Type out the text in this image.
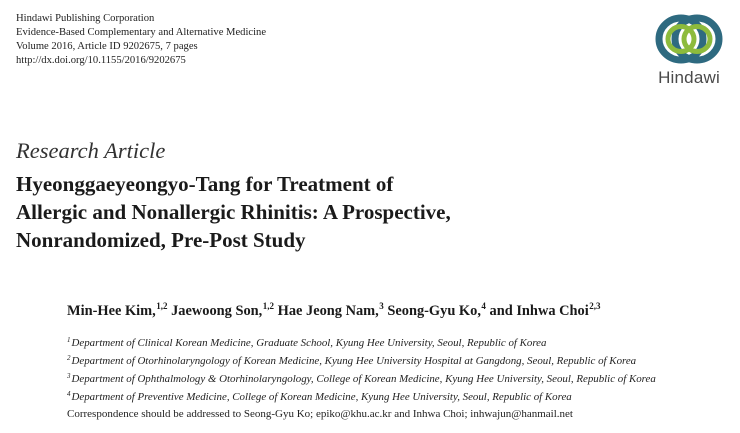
Hindawi Publishing Corporation
Evidence-Based Complementary and Alternative Medicine
Volume 2016, Article ID 9202675, 7 pages
http://dx.doi.org/10.1155/2016/9202675
Hindawi
Research Article
Hyeonggaeyeongyo-Tang for Treatment of
Allergic and Nonallergic Rhinitis: A Prospective,
Nonrandomized, Pre-Post Study
Min-Hee Kim,$^{1,2}$ Jaewoong Son,$^{1,2}$ Hae Jeong Nam,$^3$ Seong-Gyu Ko,$^4$ and Inhwa Choi$^{2,3}$
$^1$Department of Clinical Korean Medicine, Graduate School, Kyung Hee University, Seoul, Republic of Korea
$^2$Department of Otorhinolaryngology of Korean Medicine, Kyung Hee University Hospital at Gangdong, Seoul, Republic of Korea
$^3$Department of Ophthalmology & Otorhinolaryngology, College of Korean Medicine, Kyung Hee University, Seoul, Republic of Korea
$^4$Department of Preventive Medicine, College of Korean Medicine, Kyung Hee University, Seoul, Republic of Korea
Correspondence should be addressed to Seong-Gyu Ko; epiko@khu.ac.kr and Inhwa Choi; inhwajun@hanmail.net
